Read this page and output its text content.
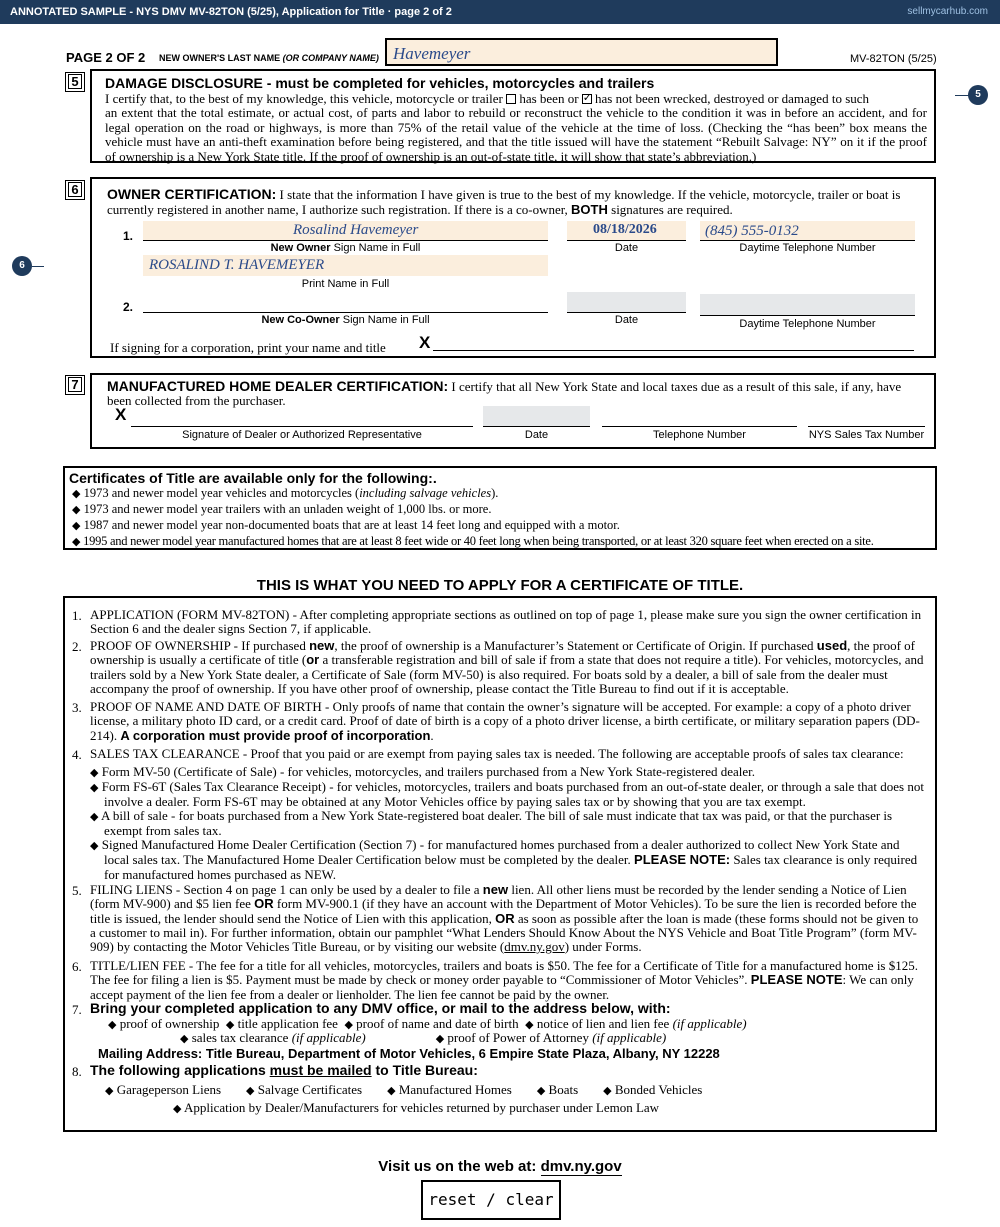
ANNOTATED SAMPLE - NYS DMV MV-82TON (5/25), Application for Title · page 2 of 2	sellmycarhub.com
PAGE 2 OF 2 NEW OWNER'S LAST NAME (OR COMPANY NAME) Havemeyer	MV-82TON (5/25)
5
6
5 DAMAGE DISCLOSURE - must be completed for vehicles, motorcycles and trailers
I certify that, to the best of my knowledge, this vehicle, motorcycle or trailer has been or ✓ has not been wrecked, destroyed or damaged to such
an extent that the total estimate, or actual cost, of parts and labor to rebuild or reconstruct the vehicle to the condition it was in before an accident, and for legal operation on the road or highways, is more than 75% of the retail value of the vehicle at the time of loss. (Checking the “has been” box means the vehicle must have an anti-theft examination before being registered, and that the title issued will have the statement “Rebuilt Salvage: NY” on it if the proof of ownership is a New York State title. If the proof of ownership is an out-of-state title, it will show that state’s abbreviation.)
6 OWNER CERTIFICATION: I state that the information I have given is true to the best of my knowledge. If the vehicle, motorcycle, trailer or boat is currently registered in another name, I authorize such registration. If there is a co-owner, BOTH signatures are required.
1.	Rosalind Havemeyer	08/18/2026	(845) 555-0132
New Owner Sign Name in Full	Date	Daytime Telephone Number
ROSALIND T. HAVEMEYER
Print Name in Full
2.
New Co-Owner Sign Name in Full	Date	Daytime Telephone Number
If signing for a corporation, print your name and title X
7 MANUFACTURED HOME DEALER CERTIFICATION: I certify that all New York State and local taxes due as a result of this sale, if any, have been collected from the purchaser.
X
Signature of Dealer or Authorized Representative	Date	Telephone Number	NYS Sales Tax Number
Certificates of Title are available only for the following:.
◆ 1973 and newer model year vehicles and motorcycles (including salvage vehicles).
◆ 1973 and newer model year trailers with an unladen weight of 1,000 lbs. or more.
◆ 1987 and newer model year non-documented boats that are at least 14 feet long and equipped with a motor.
◆ 1995 and newer model year manufactured homes that are at least 8 feet wide or 40 feet long when being transported, or at least 320 square feet when erected on a site.
THIS IS WHAT YOU NEED TO APPLY FOR A CERTIFICATE OF TITLE.
1. APPLICATION (FORM MV-82TON) - After completing appropriate sections as outlined on top of page 1, please make sure you sign the owner certification in Section 6 and the dealer signs Section 7, if applicable.
2. PROOF OF OWNERSHIP - If purchased new, the proof of ownership is a Manufacturer’s Statement or Certificate of Origin. If purchased used, the proof of ownership is usually a certificate of title (or a transferable registration and bill of sale if from a state that does not require a title). For vehicles, motorcycles, and trailers sold by a New York State dealer, a Certificate of Sale (form MV-50) is also required. For boats sold by a dealer, a bill of sale from the dealer must accompany the proof of ownership. If you have other proof of ownership, please contact the Title Bureau to find out if it is acceptable.
3. PROOF OF NAME AND DATE OF BIRTH - Only proofs of name that contain the owner’s signature will be accepted. For example: a copy of a photo driver license, a military photo ID card, or a credit card. Proof of date of birth is a copy of a photo driver license, a birth certificate, or military separation papers (DD-214). A corporation must provide proof of incorporation.
4. SALES TAX CLEARANCE - Proof that you paid or are exempt from paying sales tax is needed. The following are acceptable proofs of sales tax clearance:
◆ Form MV-50 (Certificate of Sale) - for vehicles, motorcycles, and trailers purchased from a New York State-registered dealer.
◆ Form FS-6T (Sales Tax Clearance Receipt) - for vehicles, motorcycles, trailers and boats purchased from an out-of-state dealer, or through a sale that does not involve a dealer. Form FS-6T may be obtained at any Motor Vehicles office by paying sales tax or by showing that you are tax exempt.
◆ A bill of sale - for boats purchased from a New York State-registered boat dealer. The bill of sale must indicate that tax was paid, or that the purchaser is exempt from sales tax.
◆ Signed Manufactured Home Dealer Certification (Section 7) - for manufactured homes purchased from a dealer authorized to collect New York State and local sales tax. The Manufactured Home Dealer Certification below must be completed by the dealer. PLEASE NOTE: Sales tax clearance is only required for manufactured homes purchased as NEW.
5. FILING LIENS - Section 4 on page 1 can only be used by a dealer to file a new lien. All other liens must be recorded by the lender sending a Notice of Lien (form MV-900) and $5 lien fee OR form MV-900.1 (if they have an account with the Department of Motor Vehicles). To be sure the lien is recorded before the title is issued, the lender should send the Notice of Lien with this application, OR as soon as possible after the loan is made (these forms should not be given to a customer to mail in). For further information, obtain our pamphlet “What Lenders Should Know About the NYS Vehicle and Boat Title Program” (form MV-909) by contacting the Motor Vehicles Title Bureau, or by visiting our website (dmv.ny.gov) under Forms.
6. TITLE/LIEN FEE - The fee for a title for all vehicles, motorcycles, trailers and boats is $50. The fee for a Certificate of Title for a manufactured home is $125. The fee for filing a lien is $5. Payment must be made by check or money order payable to “Commissioner of Motor Vehicles”. PLEASE NOTE: We can only accept payment of the lien fee from a dealer or lienholder. The lien fee cannot be paid by the owner.
7. Bring your completed application to any DMV office, or mail to the address below, with:
◆ proof of ownership ◆ title application fee ◆ proof of name and date of birth ◆ notice of lien and lien fee (if applicable)
◆ sales tax clearance (if applicable)	◆ proof of Power of Attorney (if applicable)
Mailing Address: Title Bureau, Department of Motor Vehicles, 6 Empire State Plaza, Albany, NY 12228
8. The following applications must be mailed to Title Bureau:
◆ Garageperson Liens ◆ Salvage Certificates ◆ Manufactured Homes ◆ Boats ◆ Bonded Vehicles
◆ Application by Dealer/Manufacturers for vehicles returned by purchaser under Lemon Law
Visit us on the web at: dmv.ny.gov
reset / clear
